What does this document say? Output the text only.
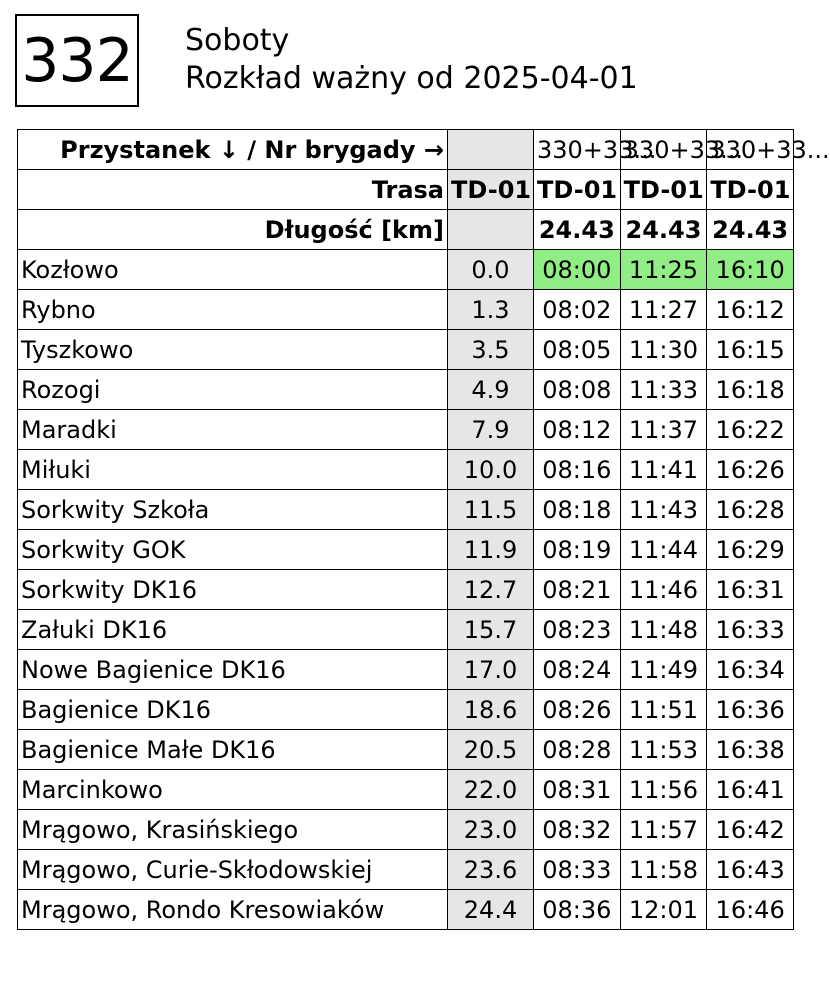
332 Soboty
Rozkład ważny od 2025-04-01
Przystanek ↓ / Nr brygady →		330+33...	330+33...	330+33...
Trasa	TD-01	TD-01	TD-01	TD-01
Długość [km]		24.43	24.43	24.43
Kozłowo	0.0	08:00	11:25	16:10
Rybno	1.3	08:02	11:27	16:12
Tyszkowo	3.5	08:05	11:30	16:15
Rozogi	4.9	08:08	11:33	16:18
Maradki	7.9	08:12	11:37	16:22
Miłuki	10.0	08:16	11:41	16:26
Sorkwity Szkoła	11.5	08:18	11:43	16:28
Sorkwity GOK	11.9	08:19	11:44	16:29
Sorkwity DK16	12.7	08:21	11:46	16:31
Załuki DK16	15.7	08:23	11:48	16:33
Nowe Bagienice DK16	17.0	08:24	11:49	16:34
Bagienice DK16	18.6	08:26	11:51	16:36
Bagienice Małe DK16	20.5	08:28	11:53	16:38
Marcinkowo	22.0	08:31	11:56	16:41
Mrągowo, Krasińskiego	23.0	08:32	11:57	16:42
Mrągowo, Curie-Skłodowskiej	23.6	08:33	11:58	16:43
Mrągowo, Rondo Kresowiaków	24.4	08:36	12:01	16:46
